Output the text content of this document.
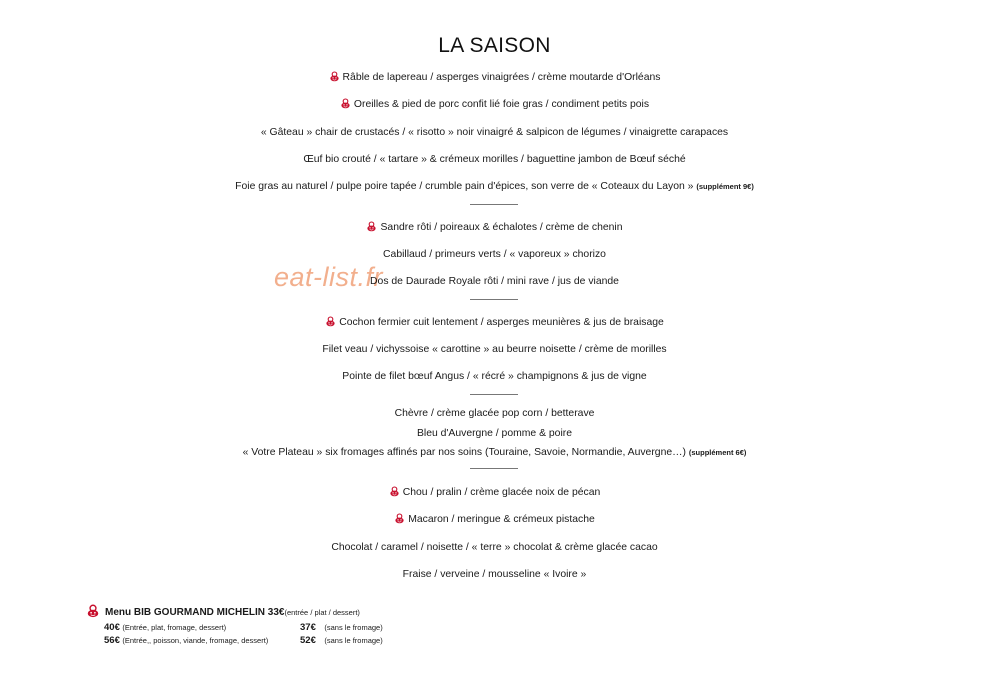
LA SAISON
eat-list.fr
Râble de lapereau / asperges vinaigrées / crème moutarde d'Orléans
Oreilles & pied de porc confit lié foie gras / condiment petits pois
« Gâteau » chair de crustacés / « risotto » noir vinaigré & salpicon de légumes / vinaigrette carapaces
Œuf bio crouté / « tartare » & crémeux morilles / baguettine jambon de Bœuf séché
Foie gras au naturel / pulpe poire tapée / crumble pain d'épices, son verre de « Coteaux du Layon » (supplément 9€)
Sandre rôti / poireaux & échalotes / crème de chenin
Cabillaud / primeurs verts / « vaporeux » chorizo
Dos de Daurade Royale rôti / mini rave / jus de viande
Cochon fermier cuit lentement / asperges meunières & jus de braisage
Filet veau / vichyssoise « carottine » au beurre noisette / crème de morilles
Pointe de filet bœuf Angus / « récré » champignons & jus de vigne
Chèvre / crème glacée pop corn / betterave
Bleu d'Auvergne / pomme & poire
« Votre Plateau » six fromages affinés par nos soins (Touraine, Savoie, Normandie, Auvergne…) (supplément 6€)
Chou / pralin / crème glacée noix de pécan
Macaron / meringue & crémeux pistache
Chocolat / caramel / noisette / « terre » chocolat & crème glacée cacao
Fraise / verveine / mousseline « Ivoire »
Menu BIB GOURMAND MICHELIN 33€(entrée / plat / dessert)
40€ (Entrée, plat, fromage, dessert)	37€ (sans le fromage)
56€ (Entrée,, poisson, viande, fromage, dessert)	52€ (sans le fromage)
